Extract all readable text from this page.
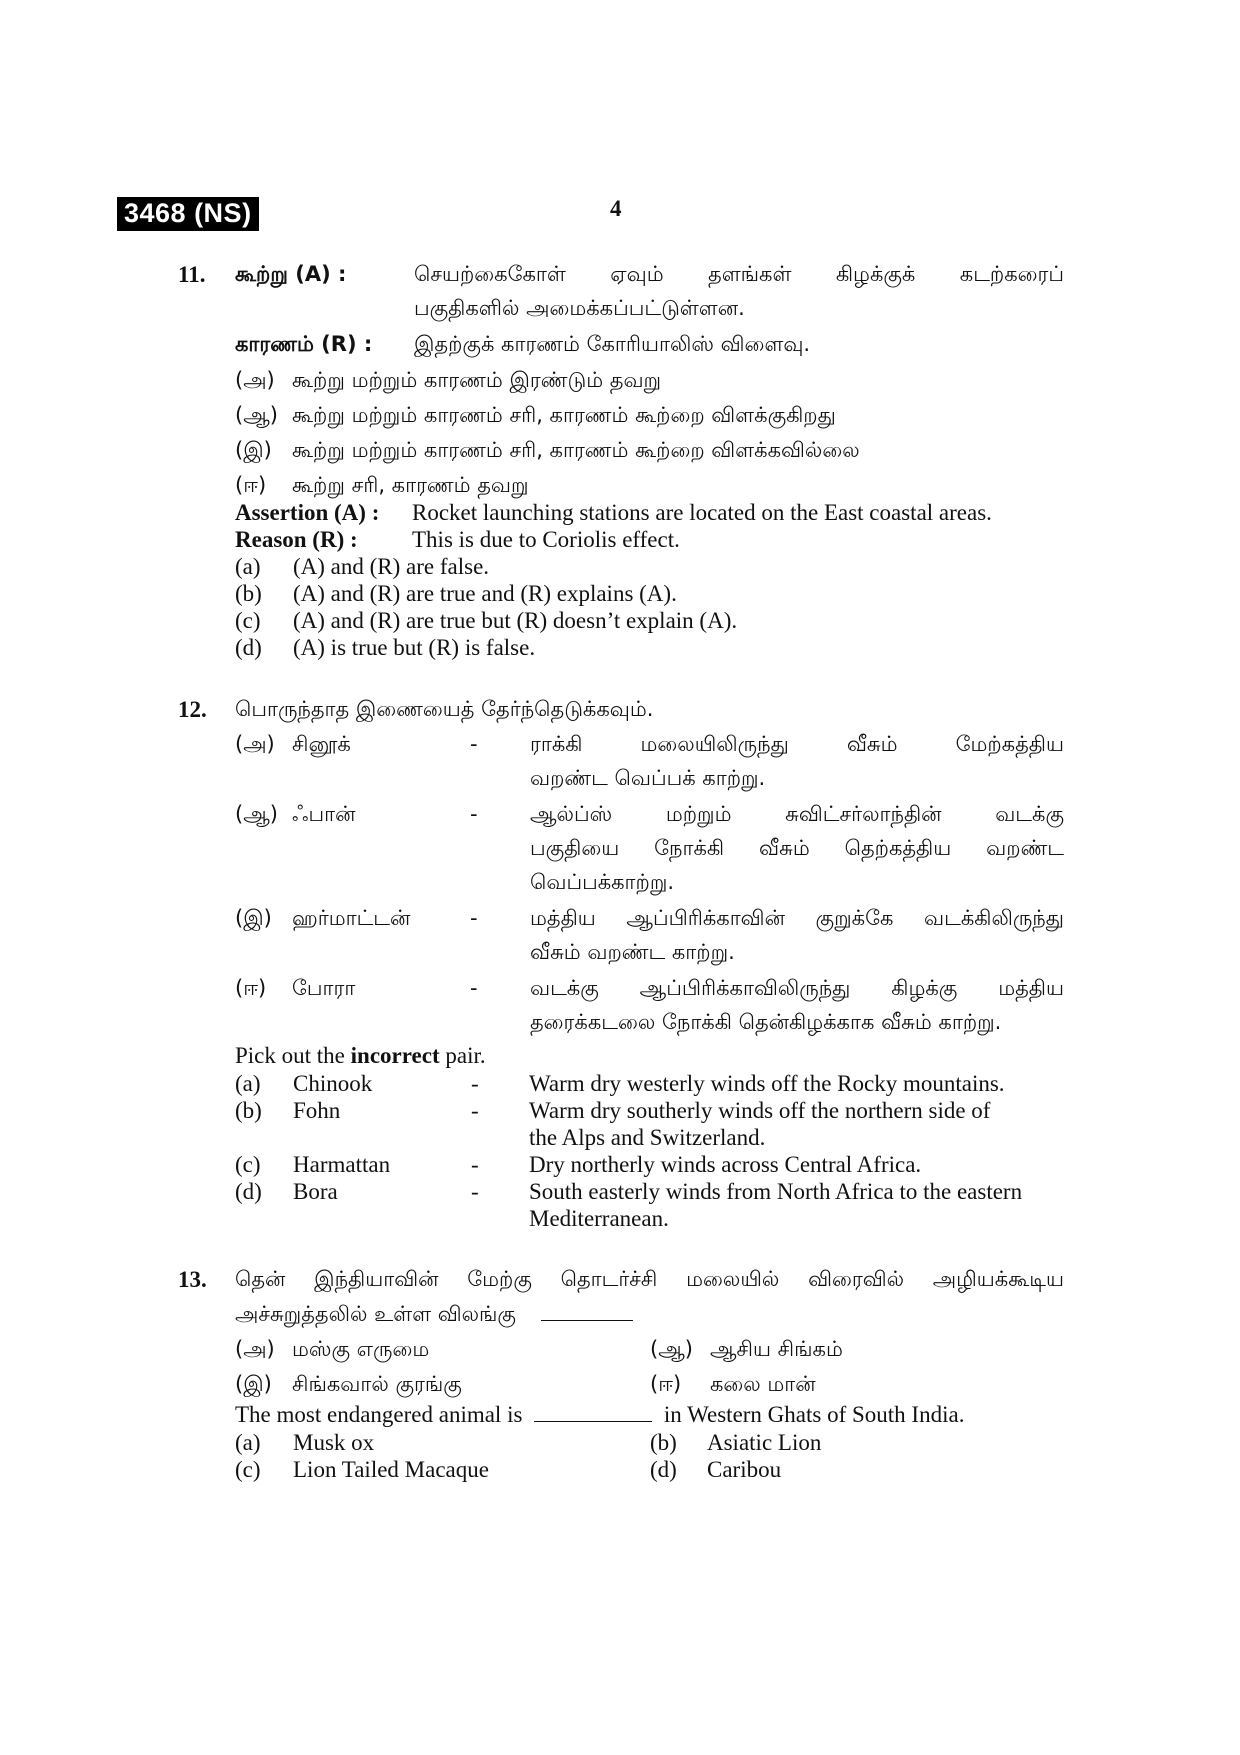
3468 (NS)	4
11. கூற்று (A) :	செயற்கைகோள் ஏவும் தளங்கள் கிழக்குக் கடற்கரைப்
பகுதிகளில் அமைக்கப்பட்டுள்ளன.
காரணம் (R) : இதற்குக் காரணம் கோரியாலிஸ் விளைவு.
(அ) கூற்று மற்றும் காரணம் இரண்டும் தவறு
(ஆ) கூற்று மற்றும் காரணம் சரி, காரணம் கூற்றை விளக்குகிறது
(இ) கூற்று மற்றும் காரணம் சரி, காரணம் கூற்றை விளக்கவில்லை
(ஈ) கூற்று சரி, காரணம் தவறு
Assertion (A) : Rocket launching stations are located on the East coastal areas.
Reason (R) : This is due to Coriolis effect.
(a) (A) and (R) are false.
(b) (A) and (R) are true and (R) explains (A).
(c) (A) and (R) are true but (R) doesn’t explain (A).
(d) (A) is true but (R) is false.
12. பொருந்தாத இணையைத் தேர்ந்தெடுக்கவும்.
(அ) சினூக்	- ராக்கி மலையிலிருந்து வீசும் மேற்கத்திய
வறண்ட வெப்பக் காற்று.
(ஆ) ஃபான்	- ஆல்ப்ஸ் மற்றும் சுவிட்சர்லாந்தின் வடக்கு
பகுதியை நோக்கி வீசும் தெற்கத்திய வறண்ட
வெப்பக்காற்று.
(இ) ஹர்மாட்டன்	- மத்திய ஆப்பிரிக்காவின் குறுக்கே வடக்கிலிருந்து
வீசும் வறண்ட காற்று.
(ஈ) போரா	- வடக்கு ஆப்பிரிக்காவிலிருந்து கிழக்கு மத்திய
தரைக்கடலை நோக்கி தென்கிழக்காக வீசும் காற்று.
Pick out the incorrect pair.
(a) Chinook	- Warm dry westerly winds off the Rocky mountains.
(b) Fohn	- Warm dry southerly winds off the northern side of
the Alps and Switzerland.
(c) Harmattan	- Dry northerly winds across Central Africa.
(d) Bora	- South easterly winds from North Africa to the eastern
Mediterranean.
13. தென் இந்தியாவின் மேற்கு தொடர்ச்சி மலையில் விரைவில் அழியக்கூடிய
அச்சுறுத்தலில் உள்ள விலங்கு
(அ) மஸ்கு எருமை	(ஆ) ஆசிய சிங்கம்
(இ) சிங்கவால் குரங்கு	(ஈ) கலை மான்
The most endangered animal is	in Western Ghats of South India.
(a) Musk ox	(b) Asiatic Lion
(c) Lion Tailed Macaque	(d) Caribou
